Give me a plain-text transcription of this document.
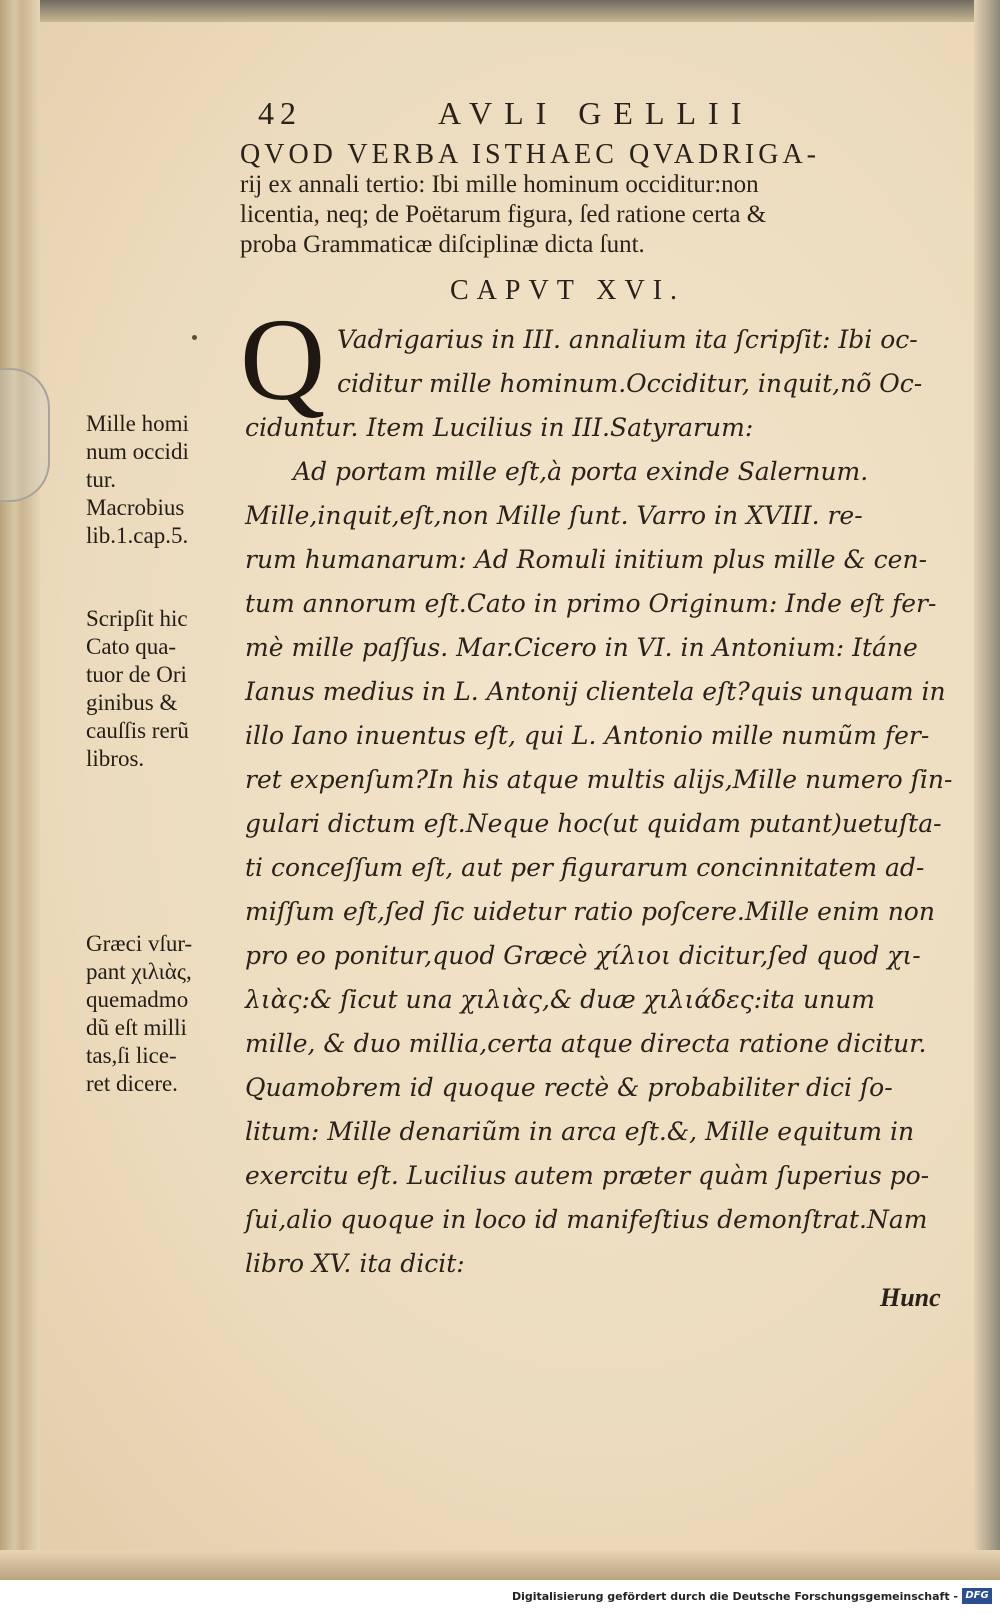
42	AVLI GELLII
QVOD VERBA ISTHAEC QVADRIGA-
rij ex annali tertio: Ibi mille hominum occiditur:non
licentia, neq; de Poëtarum figura, ſed ratione certa &
proba Grammaticæ diſciplinæ dicta ſunt.
CAPVT XVI.
Q Vadrigarius in III. annalium ita ſcripſit: Ibi oc-
ciditur mille hominum.Occiditur, inquit,nõ Oc-
ciduntur. Item Lucilius in III.Satyrarum:
Ad portam mille eſt,à porta exinde Salernum.
Mille,inquit,eſt,non Mille ſunt. Varro in XVIII. re-
rum humanarum: Ad Romuli initium plus mille & cen-
tum annorum eſt.Cato in primo Originum: Inde eſt fer-
mè mille paſſus. Mar.Cicero in VI. in Antonium: Itáne
Ianus medius in L. Antonij clientela eſt?quis unquam in
illo Iano inuentus eſt, qui L. Antonio mille numũm fer-
ret expenſum?In his atque multis alijs,Mille numero ſin-
gulari dictum eſt.Neque hoc(ut quidam putant)uetuſta-
ti conceſſum eſt, aut per figurarum concinnitatem ad-
miſſum eſt,ſed ſic uidetur ratio poſcere.Mille enim non
pro eo ponitur,quod Græcè χίλιοι dicitur,ſed quod χι-
λιὰς:& ſicut una χιλιὰς,& duæ χιλιάδες:ita unum
mille, & duo millia,certa atque directa ratione dicitur.
Quamobrem id quoque rectè & probabiliter dici ſo-
litum: Mille denariũm in arca eſt.&, Mille equitum in
exercitu eſt. Lucilius autem præter quàm ſuperius po-
ſui,alio quoque in loco id manifeſtius demonſtrat.Nam
libro XV. ita dicit:
Mille homi
num occidi
tur.
Macrobius
lib.1.cap.5.
Scripſit hic
Cato qua-
tuor de Ori
ginibus &
cauſſis rerũ
libros.
Græci vſur-
pant χιλιὰς,
quemadmo
dũ eſt milli
tas,ſi lice-
ret dicere.
Hunc
Digitalisierung gefördert durch die Deutsche Forschungsgemeinschaft - DFG
